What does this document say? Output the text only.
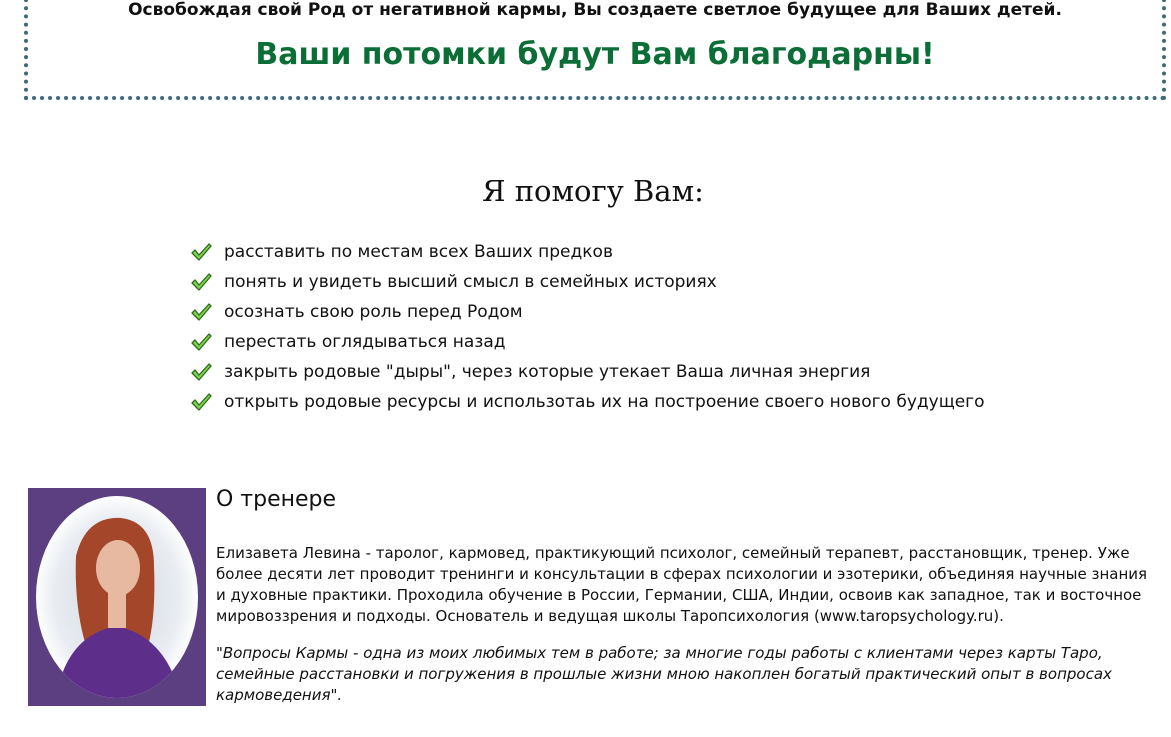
Освобождая свой Род от негативной кармы, Вы создаете светлое будущее для Ваших детей.
Ваши потомки будут Вам благодарны!
Я помогу Вам:
расставить по местам всех Ваших предков
понять и увидеть высший смысл в семейных историях
осознать свою роль перед Родом
перестать оглядываться назад
закрыть родовые "дыры", через которые утекает Ваша личная энергия
открыть родовые ресурсы и использотаь их на построение своего нового будущего
О тренере

Елизавета Левина - таролог, кармовед, практикующий психолог, семейный терапевт, расстановщик, тренер. Уже более десяти лет проводит тренинги и консультации в сферах психологии и эзотерики, объединяя научные знания и духовные практики. Проходила обучение в России, Германии, США, Индии, освоив как западное, так и восточное мировоззрения и подходы. Основатель и ведущая школы Таропсихология (www.taropsychology.ru).

"Вопросы Кармы - одна из моих любимых тем в работе; за многие годы работы с клиентами через карты Таро, семейные расстановки и погружения в прошлые жизни мною накоплен богатый практический опыт в вопросах кармоведения".
